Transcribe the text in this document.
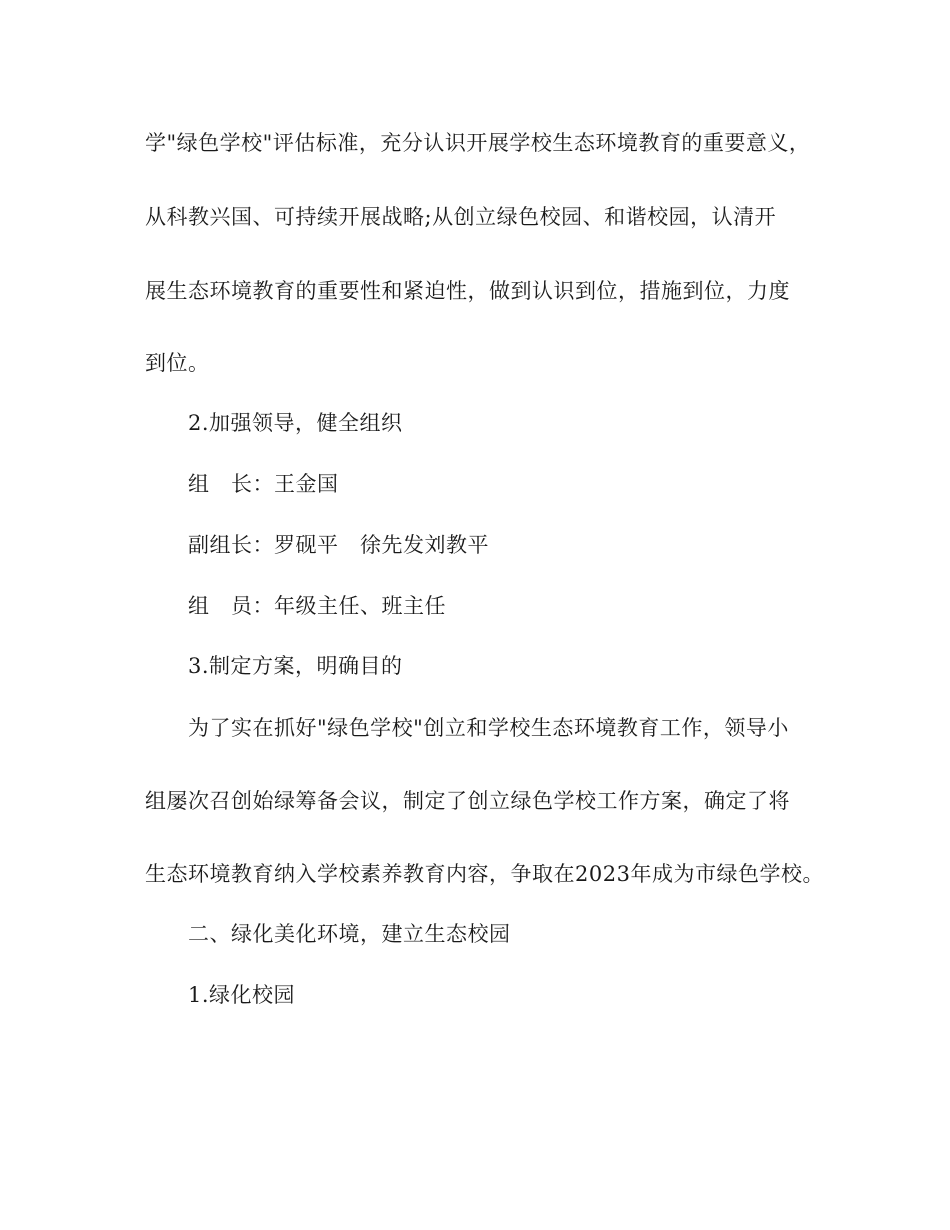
学"绿色学校"评估标准，充分认识开展学校生态环境教育的重要意义，
从科教兴国、可持续开展战略;从创立绿色校园、和谐校园，认清开
展生态环境教育的重要性和紧迫性，做到认识到位，措施到位，力度
到位。
2.加强领导，健全组织
组　长：王金国
副组长：罗砚平　徐先发刘教平
组　员：年级主任、班主任
3.制定方案，明确目的
为了实在抓好"绿色学校"创立和学校生态环境教育工作，领导小
组屡次召创始绿筹备会议，制定了创立绿色学校工作方案，确定了将
生态环境教育纳入学校素养教育内容，争取在2023年成为市绿色学校。
二、绿化美化环境，建立生态校园
1.绿化校园
